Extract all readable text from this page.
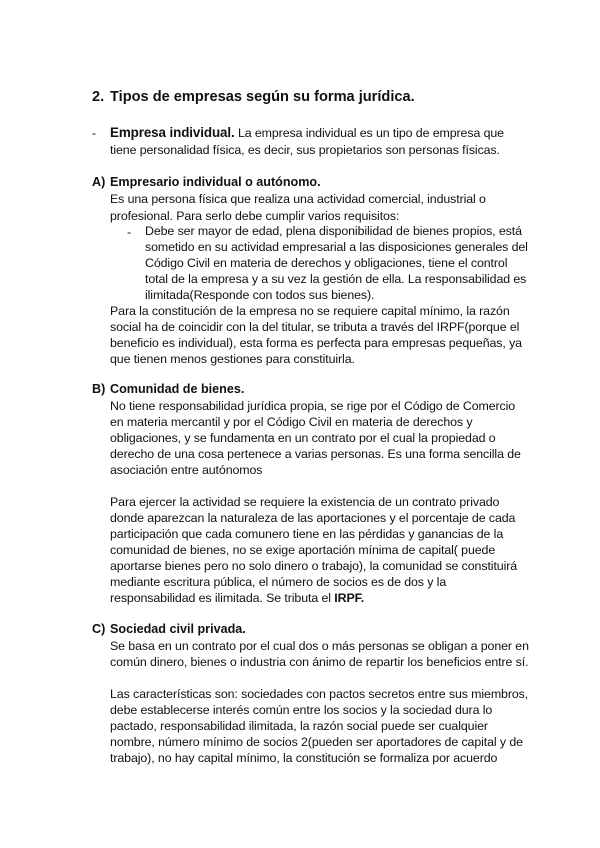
2. Tipos de empresas según su forma jurídica.
- Empresa individual. La empresa individual es un tipo de empresa que
tiene personalidad física, es decir, sus propietarios son personas físicas.
A) Empresario individual o autónomo.
Es una persona física que realiza una actividad comercial, industrial o
profesional. Para serlo debe cumplir varios requisitos:
- Debe ser mayor de edad, plena disponibilidad de bienes propios, está
sometido en su actividad empresarial a las disposiciones generales del
Código Civil en materia de derechos y obligaciones, tiene el control
total de la empresa y a su vez la gestión de ella. La responsabilidad es
ilimitada(Responde con todos sus bienes).
Para la constitución de la empresa no se requiere capital mínimo, la razón
social ha de coincidir con la del titular, se tributa a través del IRPF(porque el
beneficio es individual), esta forma es perfecta para empresas pequeñas, ya
que tienen menos gestiones para constituirla.
B) Comunidad de bienes.
No tiene responsabilidad jurídica propia, se rige por el Código de Comercio
en materia mercantil y por el Código Civil en materia de derechos y
obligaciones, y se fundamenta en un contrato por el cual la propiedad o
derecho de una cosa pertenece a varias personas. Es una forma sencilla de
asociación entre autónomos
Para ejercer la actividad se requiere la existencia de un contrato privado
donde aparezcan la naturaleza de las aportaciones y el porcentaje de cada
participación que cada comunero tiene en las pérdidas y ganancias de la
comunidad de bienes, no se exige aportación mínima de capital( puede
aportarse bienes pero no solo dinero o trabajo), la comunidad se constituirá
mediante escritura pública, el número de socios es de dos y la
responsabilidad es ilimitada. Se tributa el IRPF.
C) Sociedad civil privada.
Se basa en un contrato por el cual dos o más personas se obligan a poner en
común dinero, bienes o industria con ánimo de repartir los beneficios entre sí.
Las características son: sociedades con pactos secretos entre sus miembros,
debe establecerse interés común entre los socios y la sociedad dura lo
pactado, responsabilidad ilimitada, la razón social puede ser cualquier
nombre, número mínimo de socios 2(pueden ser aportadores de capital y de
trabajo), no hay capital mínimo, la constitución se formaliza por acuerdo
